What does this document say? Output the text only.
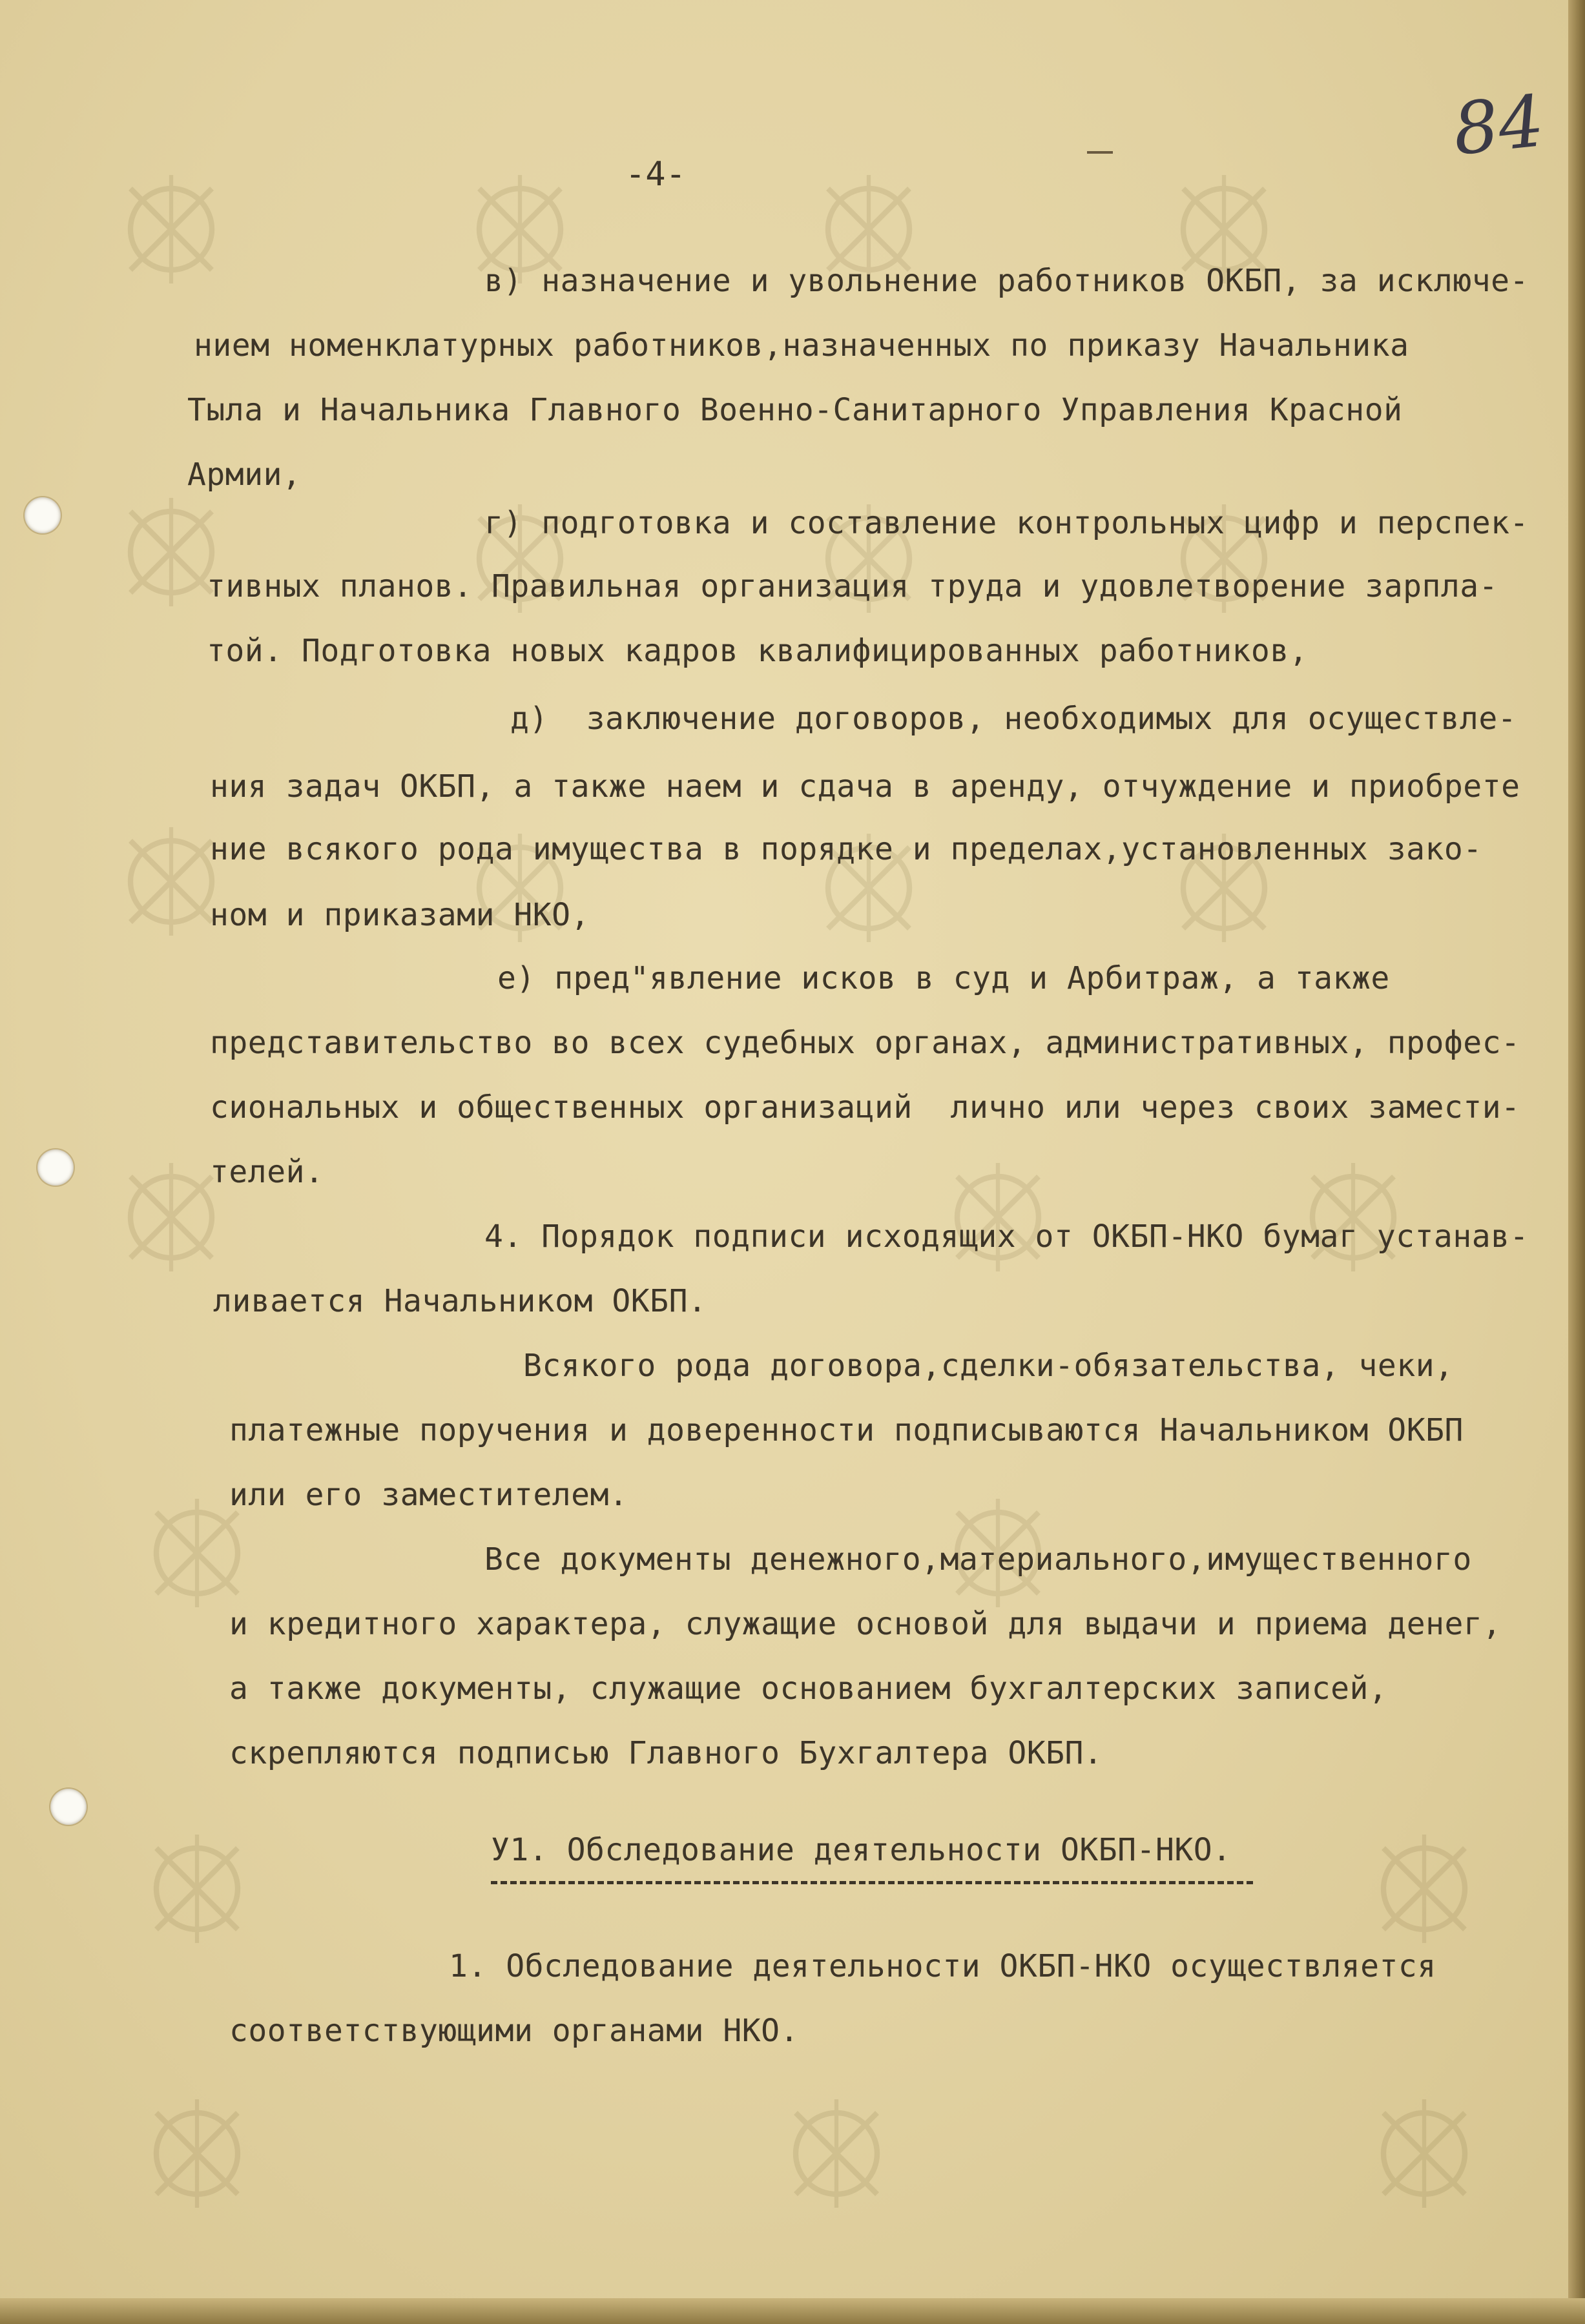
-4-
84
в) назначение и увольнение работников ОКБП, за исключе-
нием номенклатурных работников,назначенных по приказу Начальника
Тыла и Начальника Главного Военно-Санитарного Управления Красной
Армии,
г) подготовка и составление контрольных цифр и перспек-
тивных планов. Правильная организация труда и удовлетворение зарпла-
той. Подготовка новых кадров квалифицированных работников,
д)  заключение договоров, необходимых для осуществле-
ния задач ОКБП, а также наем и сдача в аренду, отчуждение и приобрете
ние всякого рода имущества в порядке и пределах,установленных зако-
ном и приказами НКО,
е) пред"явление исков в суд и Арбитраж, а также
представительство во всех судебных органах, административных, профес-
сиональных и общественных организаций  лично или через своих замести-
телей.
4. Порядок подписи исходящих от ОКБП-НКО бумаг устанав-
ливается Начальником ОКБП.
Всякого рода договора,сделки-обязательства, чеки,
платежные поручения и доверенности подписываются Начальником ОКБП
или его заместителем.
Все документы денежного,материального,имущественного
и кредитного характера, служащие основой для выдачи и приема денег,
а также документы, служащие основанием бухгалтерских записей,
скрепляются подписью Главного Бухгалтера ОКБП.
У1. Обследование деятельности ОКБП-НКО.
1. Обследование деятельности ОКБП-НКО осуществляется
соответствующими органами НКО.
